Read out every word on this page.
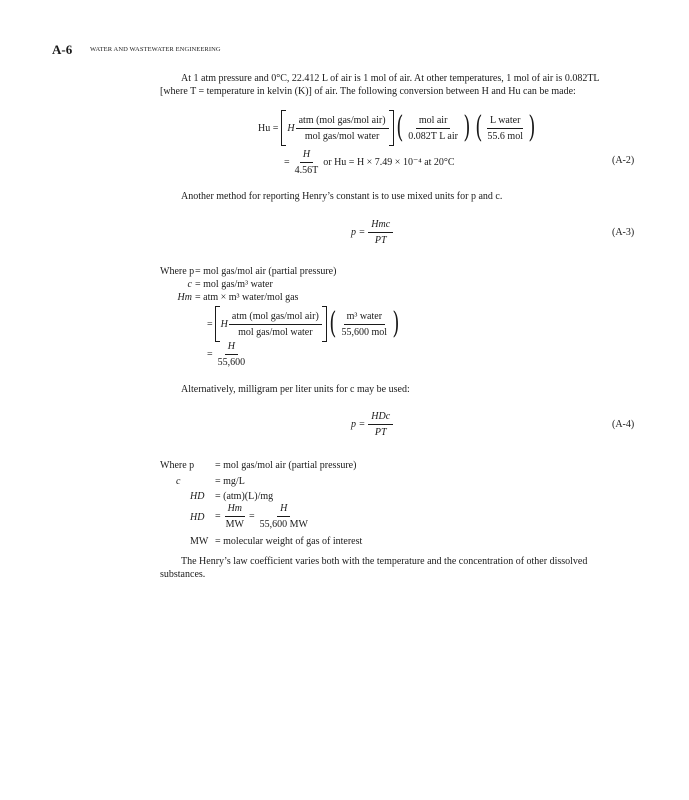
A-6	WATER AND WASTEWATER ENGINEERING
At 1 atm pressure and 0°C, 22.412 L of air is 1 mol of air. At other temperatures, 1 mol of air is 0.082TL
[where T = temperature in kelvin (K)] of air. The following conversion between H and Hu can be made:
Hu = H $\frac{\text{atm (mol gas/mol air)}}{\text{mol gas/mol water}}$ ( $\frac{\text{mol air}}{\text{0.082T L air}}$ ) ( $\frac{\text{L water}}{\text{55.6 mol}}$ )
= $\frac{H}{4.56T}$ or Hu = H × 7.49 × 10⁻⁴ at 20°C	(A-2)
Another method for reporting Henry’s constant is to use mixed units for p and c.
$p = \frac{\text{Hmc}}{PT}$	(A-3)
Where p = mol gas/mol air (partial pressure)
c = mol gas/m³ water
Hm = atm × m³ water/mol gas
= H $\frac{\text{atm (mol gas/mol air)}}{\text{mol gas/mol water}}$ ( $\frac{\text{m³ water}}{\text{55,600 mol}}$ )
= $\frac{H}{55,600}$
Alternatively, milligram per liter units for c may be used:
$p = \frac{\text{HDc}}{PT}$	(A-4)
Where p = mol gas/mol air (partial pressure)
c	= mg/L
HD = (atm)(L)/mg
HD = $\frac{Hm}{MW} = \frac{H}{55,600 MW}$
MW = molecular weight of gas of interest
The Henry’s law coefficient varies both with the temperature and the concentration of other dissolved
substances.
